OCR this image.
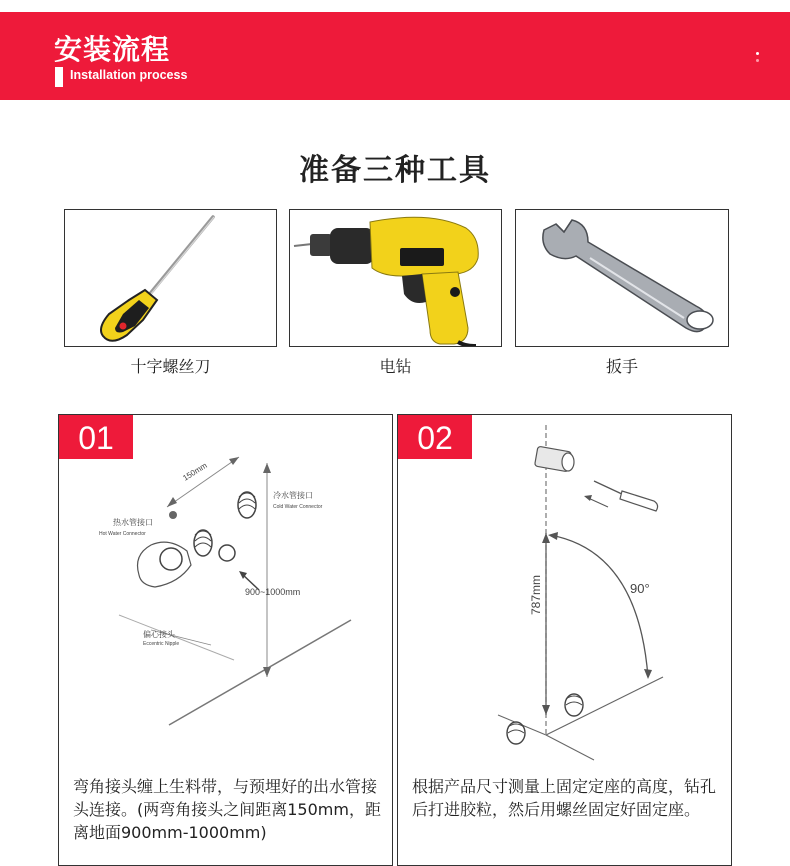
安装流程
Installation process
准备三种工具
十字螺丝刀	电钻	扳手
150mm
冷水管接口
Cold Water Connector
热水管接口
Hot Water Connector
900~1000mm
偏心接头
Eccentric Nipple
01
弯角接头缠上生料带，与预埋好的出水管接头连接。(两弯角接头之间距离150mm，距离地面900mm-1000mm)
787mm	90°
02
根据产品尺寸测量上固定定座的高度，钻孔后打进胶粒，然后用螺丝固定好固定座。
